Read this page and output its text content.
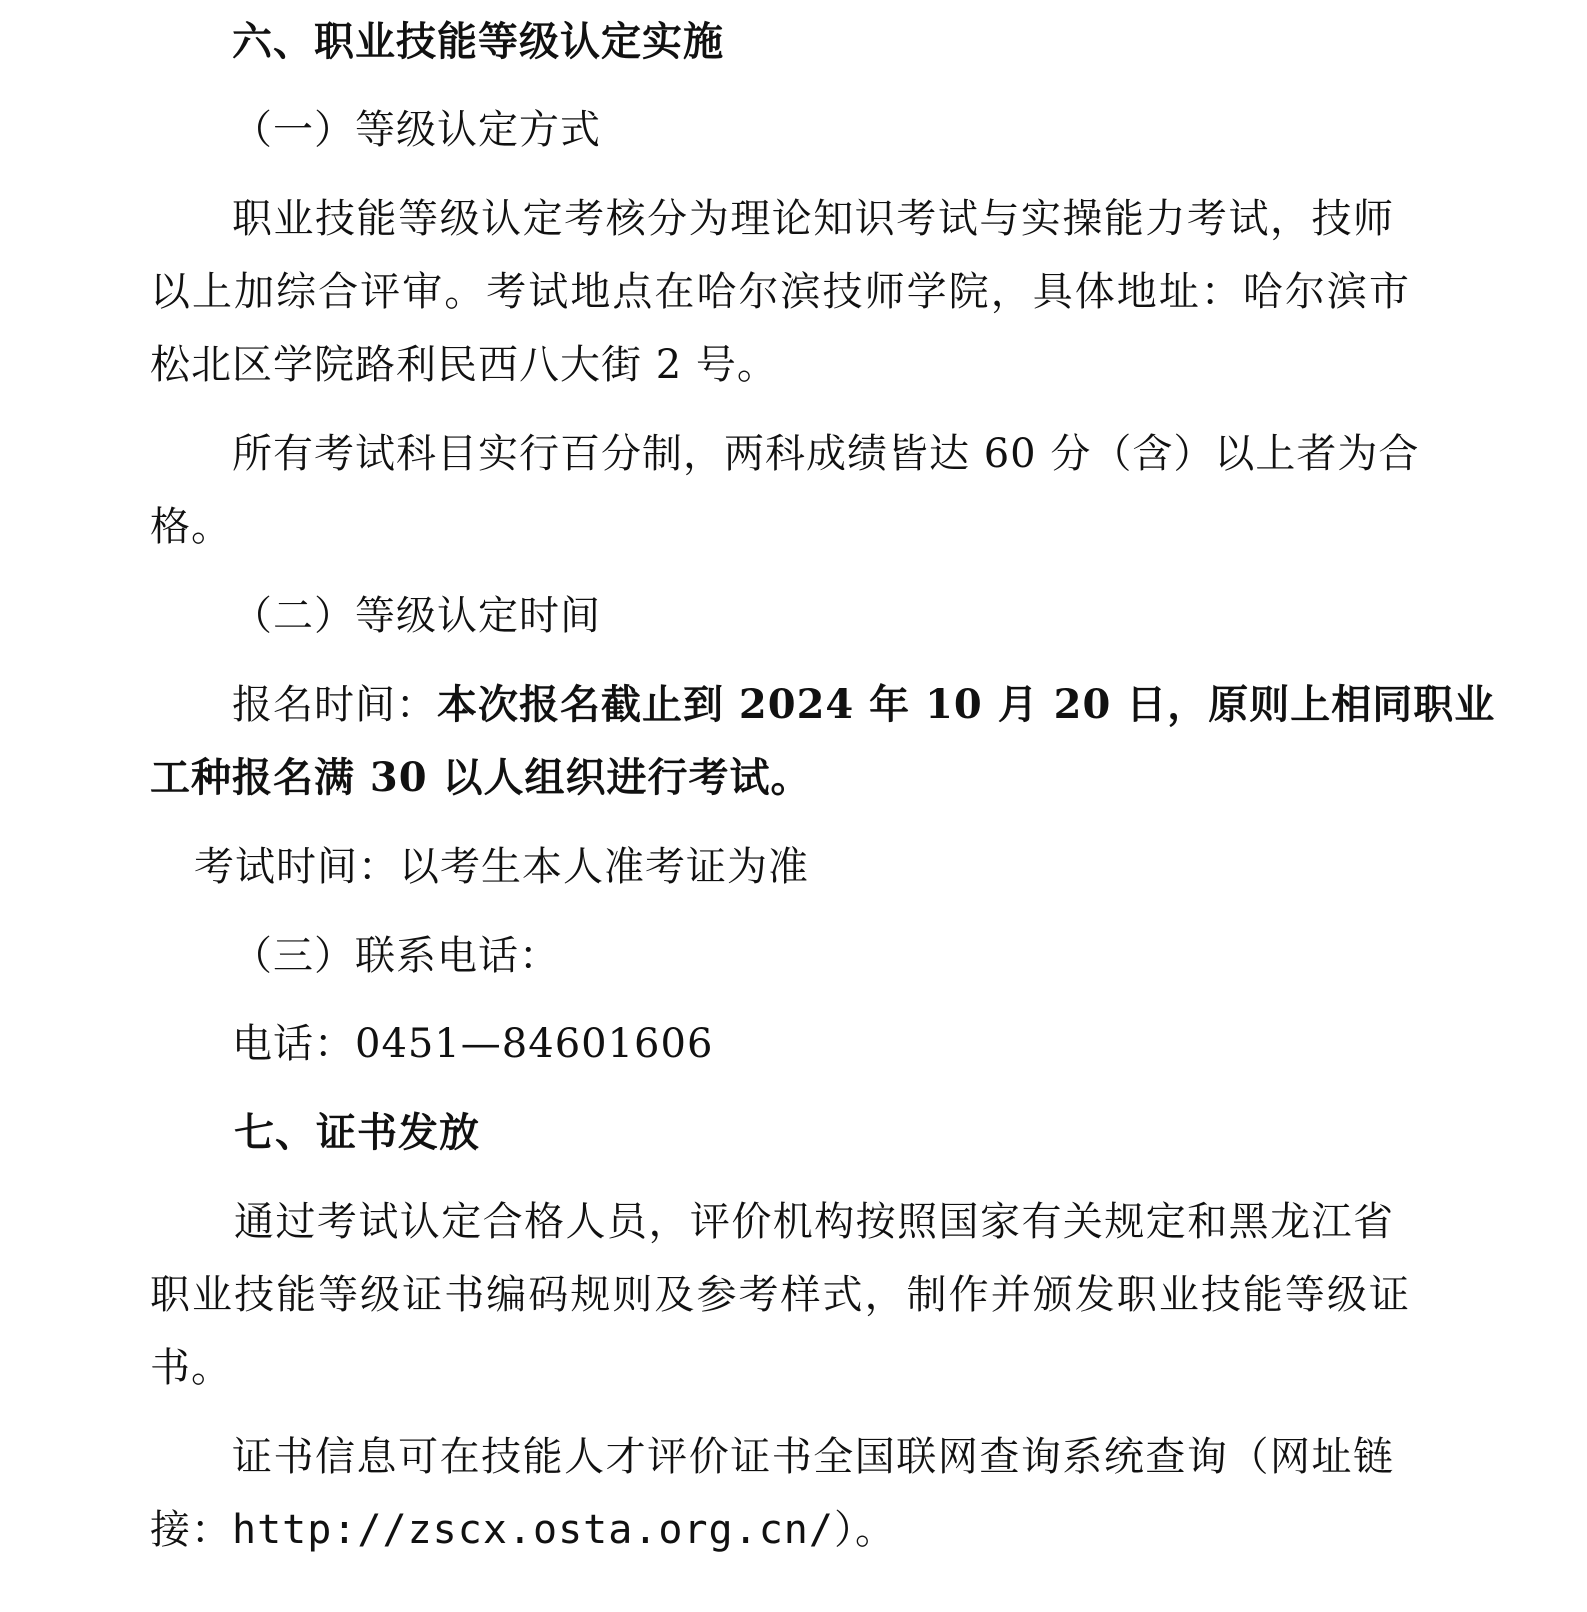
六、职业技能等级认定实施
（一）等级认定方式
职业技能等级认定考核分为理论知识考试与实操能力考试，技师
以上加综合评审。考试地点在哈尔滨技师学院，具体地址：哈尔滨市
松北区学院路利民西八大街 2 号。
所有考试科目实行百分制，两科成绩皆达 60 分（含）以上者为合
格。
（二）等级认定时间
报名时间：本次报名截止到 2024 年 10 月 20 日，原则上相同职业
工种报名满 30 以人组织进行考试。
考试时间：以考生本人准考证为准
（三）联系电话：
电话：0451—84601606
七、证书发放
通过考试认定合格人员，评价机构按照国家有关规定和黑龙江省
职业技能等级证书编码规则及参考样式，制作并颁发职业技能等级证
书。
证书信息可在技能人才评价证书全国联网查询系统查询（网址链
接：http://zscx.osta.org.cn/）。
